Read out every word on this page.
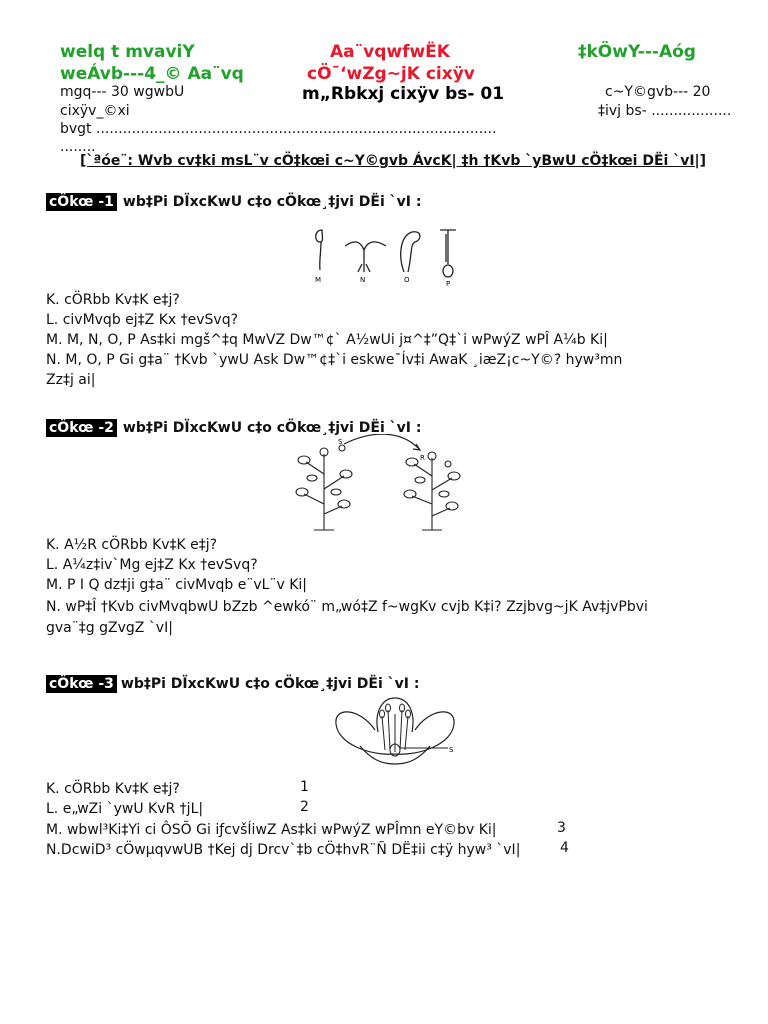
welq t mvaviY
weÁvb---4_© Aa¨vq
Aa¨vqwfwËK
cÖ¯‘wZg~jK cixÿv
m„Rbkxj cixÿv bs- 01
‡kÖwY---Aóg
mgq--- 30 wgwbU	c~Y©gvb--- 20
cixÿv_©xi	‡ivj bs- ..................
bvgt ..........................................................................................
........
[`ªóe¨: Wvb cv‡ki msL¨v cÖ‡kœi c~Y©gvb ÁvcK| ‡h †Kvb `yBwU cÖ‡kœi DËi `vI|]
cÖkœ -1 wb‡Pi DÏxcKwU c‡o cÖkœ¸‡jvi DËi `vI :
M	N	O	P
K. cÖRbb Kv‡K e‡j?
L. civMvqb ej‡Z Kx †evSvq?
M. M, N, O, P As‡ki mgš^‡q MwVZ Dw™¢` A½wUi j¤^‡”Q‡`i wPwýZ wPÎ A¼b Ki|
N. M, O, P Gi g‡a¨ †Kvb `ywU Ask Dw™¢‡`i eskwe¯Ív‡i AwaK ¸iæZ¡c~Y©? hyw³mn
Zz‡j ai|
cÖkœ -2 wb‡Pi DÏxcKwU c‡o cÖkœ¸‡jvi DËi `vI :
S
R
K. A½R cÖRbb Kv‡K e‡j?
L. A¼z‡iv`Mg ej‡Z Kx †evSvq?
M. P I Q dz‡ji g‡a¨ civMvqb e¨vL¨v Ki|
N. wP‡Î †Kvb civMvqbwU bZzb ^ewkó¨ m„wó‡Z f~wgKv cvjb K‡i? Zzjbvg~jK Av‡jvPbvi
gva¨‡g gZvgZ `vI|
cÖkœ -3 wb‡Pi DÏxcKwU c‡o cÖkœ¸‡jvi DËi `vI :
S
K. cÖRbb Kv‡K e‡j?	1
L. e„wZi `ywU KvR †jL|	2
M. wbwl³Ki‡Yi ci ÔSÕ Gi iƒcvšÍiwZ As‡ki wPwýZ wPÎmn eY©bv Ki|	3
N.DcwiD³ cÖwµqvwUB †Kej dj Drcv`‡b cÖ‡hvR¨Ñ DË‡ii c‡ÿ hyw³ `vI|	4
